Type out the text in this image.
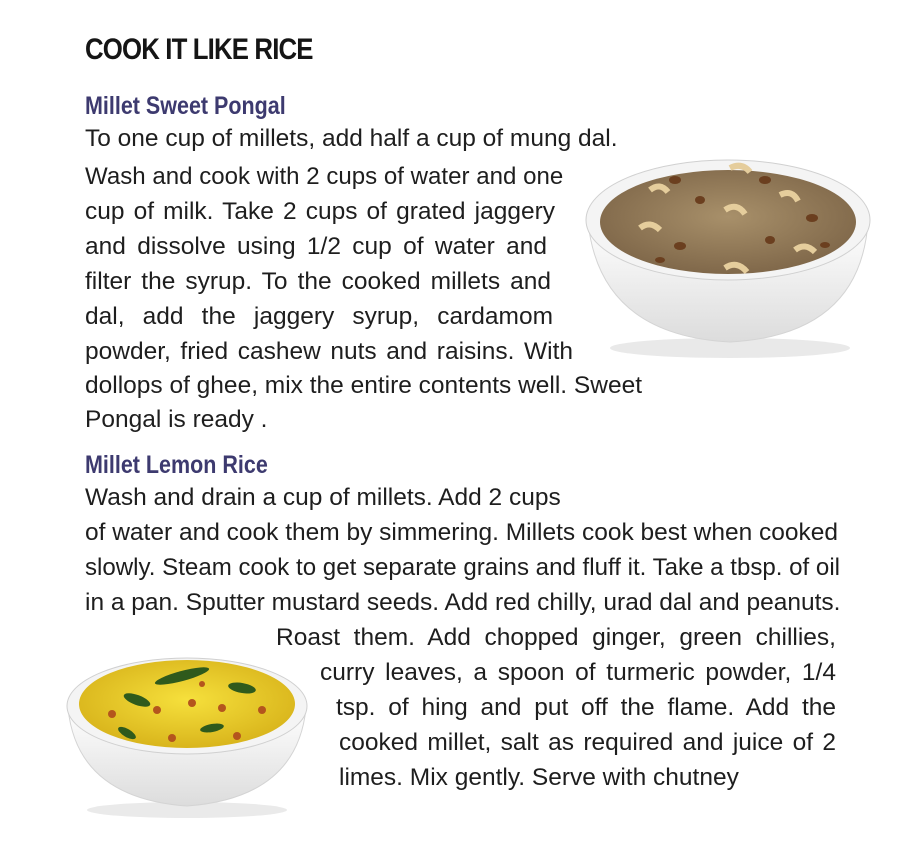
COOK IT LIKE RICE
Millet Sweet Pongal
To one cup of millets, add half a cup of mung dal.
Wash and cook with 2 cups of water and one
cup of milk. Take 2 cups of grated jaggery
and dissolve using 1/2 cup of water and
filter the syrup. To the cooked millets and
dal, add the jaggery syrup, cardamom
powder, fried cashew nuts and raisins. With
dollops of ghee, mix the entire contents well. Sweet
Pongal is ready .
Millet Lemon Rice
Wash and drain a cup of millets. Add 2 cups
of water and cook them by simmering. Millets cook best when cooked
slowly. Steam cook to get separate grains and fluff it. Take a tbsp. of oil
in a pan. Sputter mustard seeds. Add red chilly, urad dal and peanuts.
Roast them. Add chopped ginger, green chillies,
curry leaves, a spoon of turmeric powder, 1/4
tsp. of hing and put off the flame. Add the
cooked millet, salt as required and juice of 2
limes. Mix gently. Serve with chutney
